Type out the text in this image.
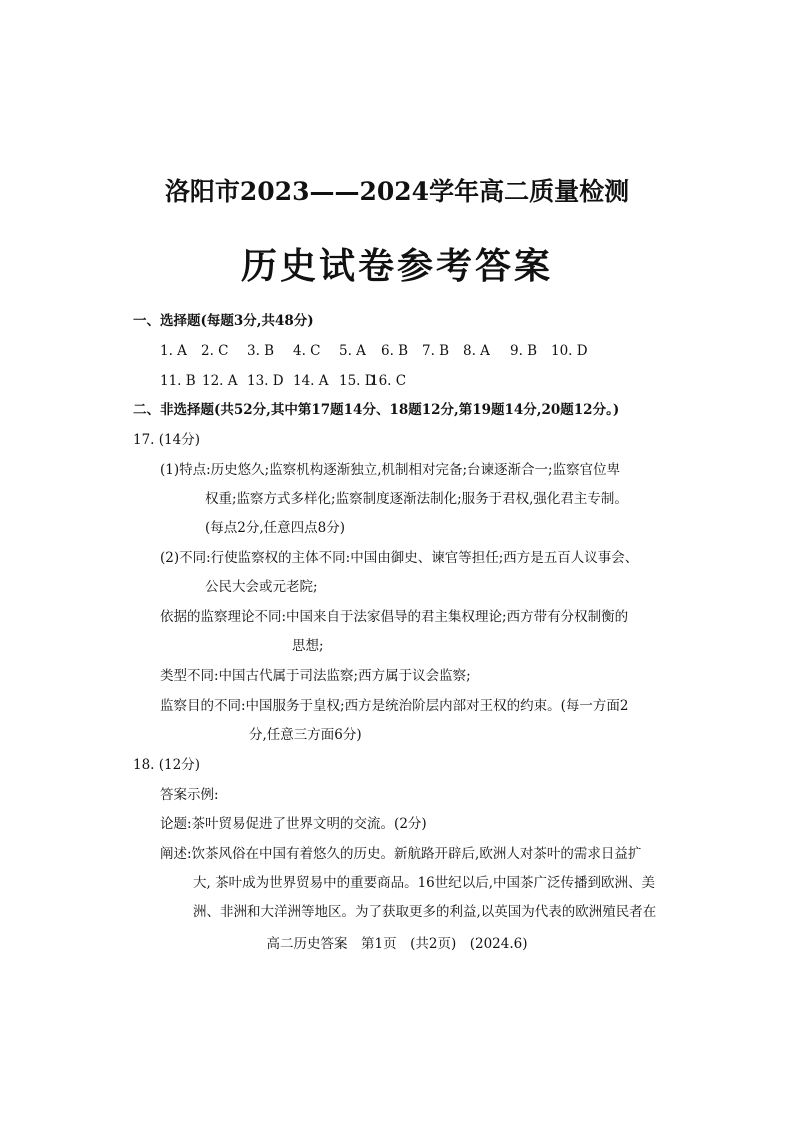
洛阳市2023——2024学年高二质量检测
历史试卷参考答案
一、选择题(每题3分,共48分)
1. A 2. C 3. B 4. C 5. A 6. B 7. B 8. A 9. B 10. D
11. B 12. A 13. D 14. A 15. D
16. C
二、非选择题(共52分,其中第17题14分、18题12分,第19题14分,20题12分。)
17. (14分)
(1)特点:历史悠久;监察机构逐渐独立,机制相对完备;台谏逐渐合一;监察官位卑
权重;监察方式多样化;监察制度逐渐法制化;服务于君权,强化君主专制。
(每点2分,任意四点8分)
(2)不同:行使监察权的主体不同:中国由御史、谏官等担任;西方是五百人议事会、
公民大会或元老院;
依据的监察理论不同:中国来自于法家倡导的君主集权理论;西方带有分权制衡的
思想;
类型不同:中国古代属于司法监察;西方属于议会监察;
监察目的不同:中国服务于皇权;西方是统治阶层内部对王权的约束。(每一方面2
分,任意三方面6分)
18. (12分)
答案示例:
论题:茶叶贸易促进了世界文明的交流。(2分)
阐述:饮茶风俗在中国有着悠久的历史。新航路开辟后,欧洲人对茶叶的需求日益扩
大, 茶叶成为世界贸易中的重要商品。16世纪以后,中国茶广泛传播到欧洲、美
洲、非洲和大洋洲等地区。为了获取更多的利益,以英国为代表的欧洲殖民者在
高二历史答案　第1页　(共2页)　(2024.6)
